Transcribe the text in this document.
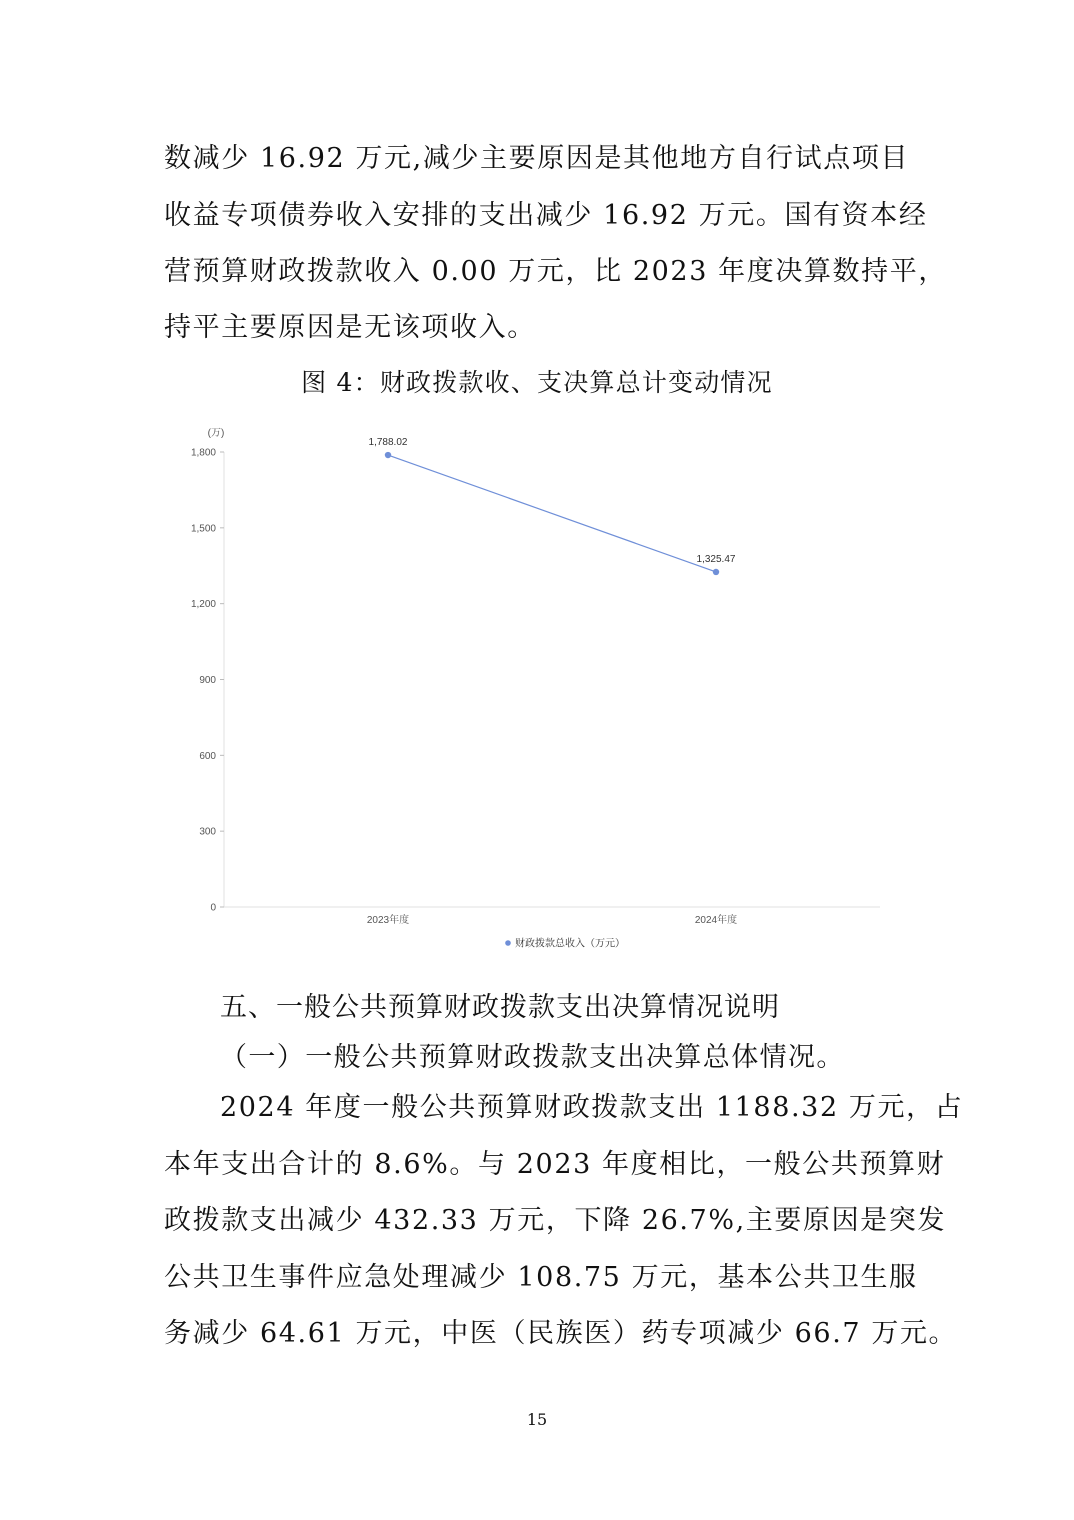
数减少 16.92 万元,减少主要原因是其他地方自行试点项目
收益专项债券收入安排的支出减少 16.92 万元。国有资本经
营预算财政拨款收入 0.00 万元，比 2023 年度决算数持平，
持平主要原因是无该项收入。
图 4：财政拨款收、支决算总计变动情况
(万)
0
300
600
900
1,200
1,500
1,800
2023年度	2024年度
1,788.02
1,325.47
财政拨款总收入（万元）
五、一般公共预算财政拨款支出决算情况说明
（一）一般公共预算财政拨款支出决算总体情况。
2024 年度一般公共预算财政拨款支出 1188.32 万元，占
本年支出合计的 8.6%。与 2023 年度相比，一般公共预算财
政拨款支出减少 432.33 万元，下降 26.7%,主要原因是突发
公共卫生事件应急处理减少 108.75 万元，基本公共卫生服
务减少 64.61 万元，中医（民族医）药专项减少 66.7 万元。
15
